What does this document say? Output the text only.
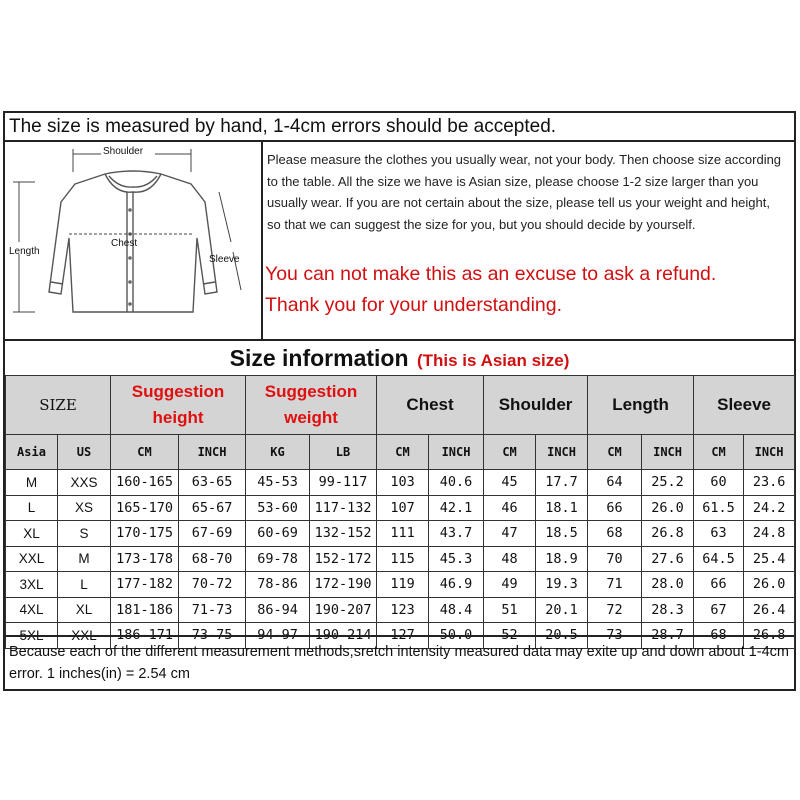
The size is measured by hand, 1-4cm errors should be accepted.
Shoulder
Length
Chest
Sleeve
Please measure the clothes you usually wear, not your body. Then choose size according to the table. All the size we have is Asian size, please choose 1-2 size larger than you usually wear. If you are not certain about the size, please tell us your weight and height, so that we can suggest the size for you, but you should decide by yourself.
You can not make this as an excuse to ask a refund.
Thank you for your understanding.
Size information (This is Asian size)
SIZE		Suggestion height		Suggestion weight		Chest		Shoulder		Length		Sleeve	
Asia	US	CM	INCH	KG	LB	CM	INCH	CM	INCH	CM	INCH	CM	INCH
M	XXS	160-165	63-65	45-53	99-117	103	40.6	45	17.7	64	25.2	60	23.6
L	XS	165-170	65-67	53-60	117-132	107	42.1	46	18.1	66	26.0	61.5	24.2
XL	S	170-175	67-69	60-69	132-152	111	43.7	47	18.5	68	26.8	63	24.8
XXL	M	173-178	68-70	69-78	152-172	115	45.3	48	18.9	70	27.6	64.5	25.4
3XL	L	177-182	70-72	78-86	172-190	119	46.9	49	19.3	71	28.0	66	26.0
4XL	XL	181-186	71-73	86-94	190-207	123	48.4	51	20.1	72	28.3	67	26.4
5XL	XXL	186-171	73-75	94-97	190-214	127	50.0	52	20.5	73	28.7	68	26.8
Because each of the different measurement methods,sretch intensity measured data may exite up and down about 1-4cm error. 1 inches(in) = 2.54 cm
